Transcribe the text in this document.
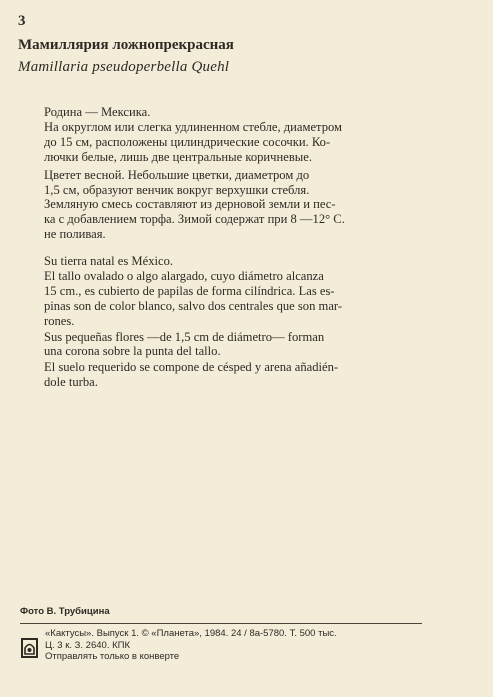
3
Мамиллярия ложнопрекрасная
Mamillaria pseudoperbella Quehl
Родина — Мексика.
На округлом или слегка удлиненном стебле, диаметром
до 15 см, расположены цилиндрические сосочки. Ко-
лючки белые, лишь две центральные коричневые.
Цветет весной. Небольшие цветки, диаметром до
1,5 см, образуют венчик вокруг верхушки стебля.
Земляную смесь составляют из дерновой земли и пес-
ка с добавлением торфа. Зимой содержат при 8 —12° С.
не поливая.
Su tierra natal es México.
El tallo ovalado o algo alargado, cuyo diámetro alcanza
15 cm., es cubierto de papilas de forma cilíndrica. Las es-
pinas son de color blanco, salvo dos centrales que son mar-
rones.
Sus pequeñas flores —de 1,5 cm de diámetro— forman
una corona sobre la punta del tallo.
El suelo requerido se compone de césped y arena añadién-
dole turba.
Фото В. Трубицина
«Кактусы». Выпуск 1. © «Планета», 1984. 24 / 8а-5780. Т. 500 тыс.
Ц. 3 к. З. 2640. КПК
Отправлять только в конверте
